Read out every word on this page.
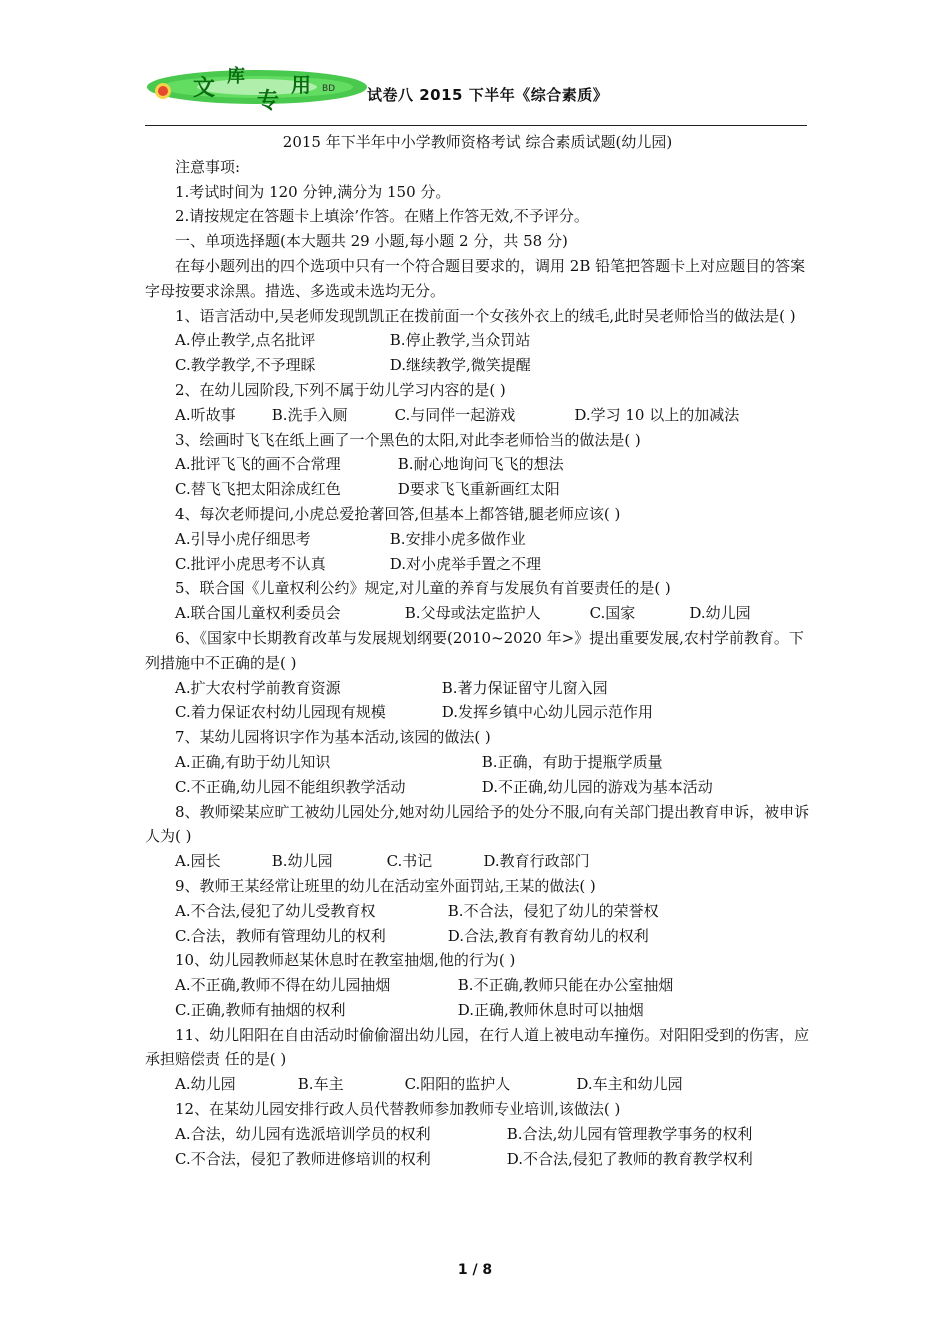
文 库
专
用 BD 试卷八 2015 下半年《综合素质》
2015 年下半年中小学教师资格考试 综合素质试题(幼儿园)
注意事项:
1.考试时间为 120 分钟,满分为 150 分。
2.请按规定在答题卡上填涂’作答。在赌上作答无效,不予评分。
一、单项选择题(本大题共 29 小题,每小题 2 分，共 58 分)
在每小题列出的四个选项中只有一个符合题目要求的，调用 2B 铅笔把答题卡上对应题目的答案 字母按要求涂黑。措选、多选或未选均无分。
1、语言活动中,吴老师发现凯凯正在拨前面一个女孩外衣上的绒毛,此时吴老师恰当的做法是( )
A.停止教学,点名批评	B.停止教学,当众罚站
C.教学教学,不予理睬	D.继续教学,微笑提醒
2、在幼儿园阶段,下列不属于幼儿学习内容的是( )
A.听故事 B.洗手入厕	C.与同伴一起游戏	D.学习 10 以上的加减法
3、绘画时飞飞在纸上画了一个黑色的太阳,对此李老师恰当的做法是( )
A.批评飞飞的画不合常理	B.耐心地询问飞飞的想法
C.替飞飞把太阳涂成红色	D要求飞飞重新画红太阳
4、每次老师提问,小虎总爱抢著回答,但基本上都答错,腿老师应该( )
A.引导小虎仔细思考	B.安排小虎多做作业
C.批评小虎思考不认真	D.对小虎举手置之不理
5、联合国《儿童权利公约》规定,对儿童的养育与发展负有首要责任的是( )
A.联合国儿童权利委员会	B.父母或法定监护人	C.国家	D.幼儿园
6、《国家中长期教育改革与发展规划纲要(2010~2020 年>》提出重要发展,农村学前教育。下列措施中不正确的是( )
A.扩大农村学前教育资源	B.著力保证留守儿窗入园
C.着力保证农村幼儿园现有规模	D.发挥乡镇中心幼儿园示范作用
7、某幼儿园将识字作为基本活动,该园的做法( )
A.正确,有助于幼儿知识	B.正确，有助于提瓶学质量
C.不正确,幼儿园不能组织教学活动	D.不正确,幼儿园的游戏为基本活动
8、教师梁某应旷工被幼儿园处分,她对幼儿园给予的处分不服,向有关部门提出教育申诉，被申诉人为( )
A.园长	B.幼儿园	C.书记	D.教育行政部门
9、教师王某经常让班里的幼儿在活动室外面罚站,王某的做法( )
A.不合法,侵犯了幼儿受教育权	B.不合法，侵犯了幼儿的荣誉权
C.合法，教师有管理幼儿的权利	D.合法,教育有教育幼儿的权利
10、幼儿园教师赵某休息时在教室抽烟,他的行为( )
A.不正确,教师不得在幼儿园抽烟	B.不正确,教师只能在办公室抽烟
C.正确,教师有抽烟的权利	D.正确,教师休息时可以抽烟
11、幼儿阳阳在自由活动时偷偷溜出幼儿园，在行人道上被电动车撞伤。对阳阳受到的伤害，应承担赔偿责 任的是( )
A.幼儿园	B.车主	C.阳阳的监护人	D.车主和幼儿园
12、在某幼儿园安排行政人员代替教师参加教师专业培训,该做法( )
A.合法，幼儿园有选派培训学员的权利	B.合法,幼儿园有管理教学事务的权利
C.不合法，侵犯了教师进修培训的权利	D.不合法,侵犯了教师的教育教学权利
1 / 8
